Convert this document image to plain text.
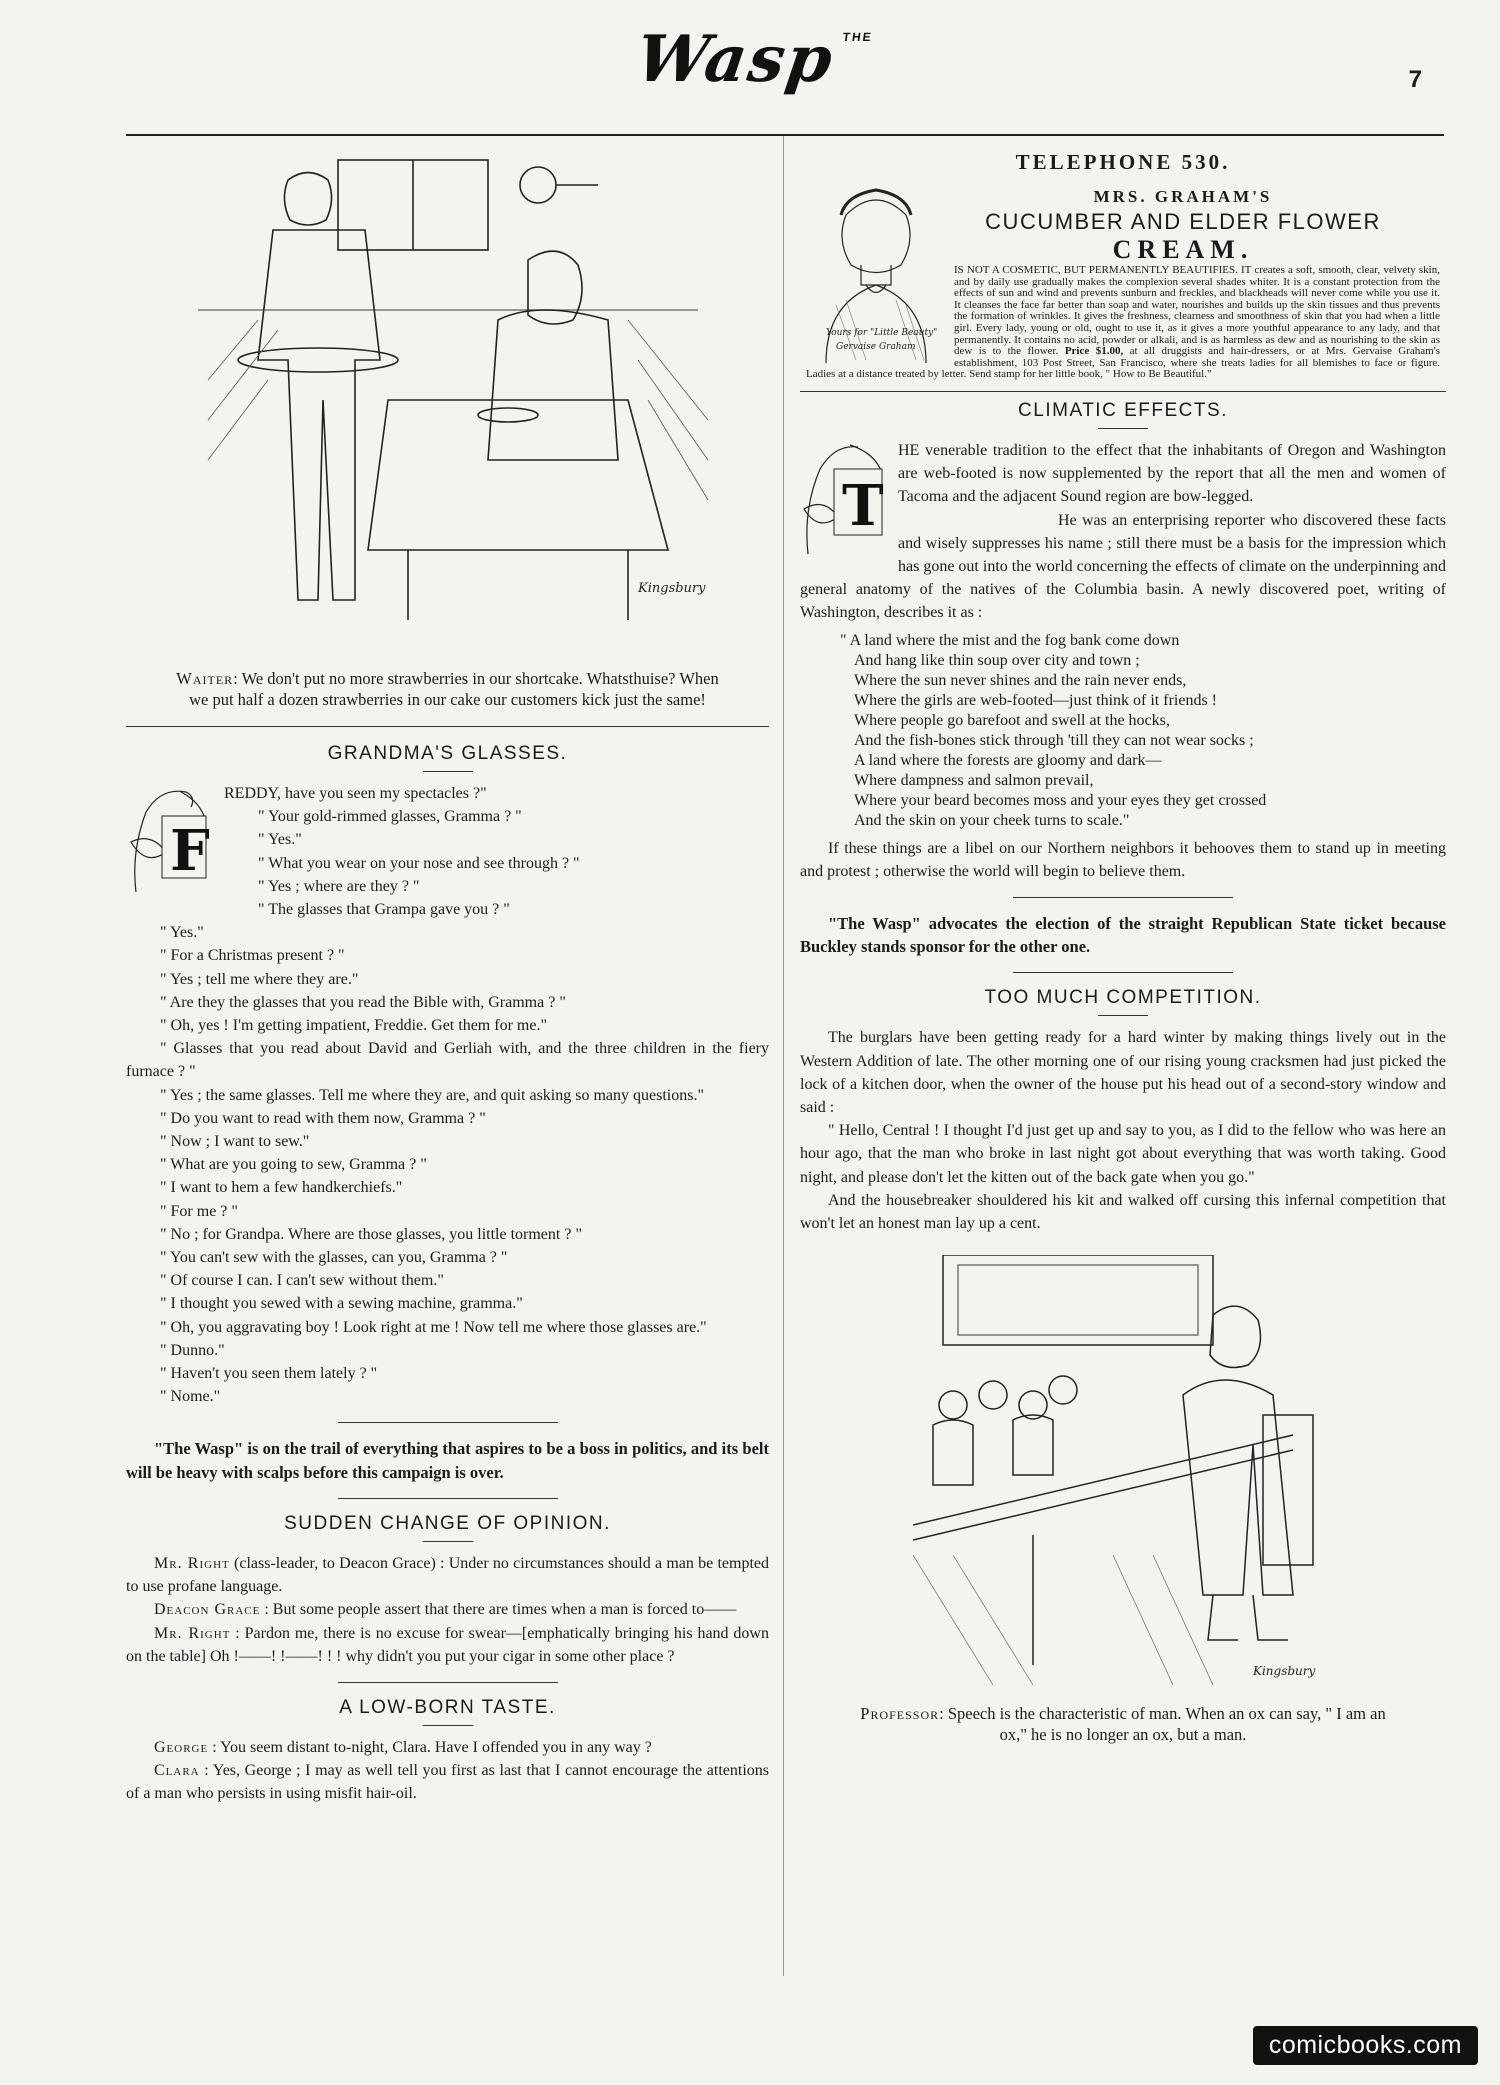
Wasp $^{THE}$
7
Kingsbury
Waiter: We don't put no more strawberries in our shortcake. Whatsthuise? When we put half a dozen strawberries in our cake our customers kick just the same!
GRANDMA'S GLASSES.
F

REDDY, have you seen my spectacles ?"

" Your gold-rimmed glasses, Gramma ? "

" Yes."

" What you wear on your nose and see through ? "

" Yes ; where are they ? "

" The glasses that Grampa gave you ? "

" Yes."

" For a Christmas present ? "

" Yes ; tell me where they are."

" Are they the glasses that you read the Bible with, Gramma ? "

" Oh, yes ! I'm getting impatient, Freddie. Get them for me."

" Glasses that you read about David and Gerliah with, and the three children in the fiery furnace ? "

" Yes ; the same glasses. Tell me where they are, and quit asking so many questions."

" Do you want to read with them now, Gramma ? "

" Now ; I want to sew."

" What are you going to sew, Gramma ? "

" I want to hem a few handkerchiefs."

" For me ? "

" No ; for Grandpa. Where are those glasses, you little torment ? "

" You can't sew with the glasses, can you, Gramma ? "

" Of course I can. I can't sew without them."

" I thought you sewed with a sewing machine, gramma."

" Oh, you aggravating boy ! Look right at me ! Now tell me where those glasses are."

" Dunno."

" Haven't you seen them lately ? "

" Nome."

"The Wasp" is on the trail of everything that aspires to be a boss in politics, and its belt will be heavy with scalps before this campaign is over.

SUDDEN CHANGE OF OPINION.

Mr. Right (class-leader, to Deacon Grace) : Under no circumstances should a man be tempted to use profane language.

Deacon Grace : But some people assert that there are times when a man is forced to——

Mr. Right : Pardon me, there is no excuse for swear—[emphatically bringing his hand down on the table] Oh !——! !——! ! ! why didn't you put your cigar in some other place ?

A LOW-BORN TASTE.

George : You seem distant to-night, Clara. Have I offended you in any way ?

Clara : Yes, George ; I may as well tell you first as last that I cannot encourage the attentions of a man who persists in using misfit hair-oil.

TELEPHONE 530.
MRS. GRAHAM'S
CUCUMBER AND ELDER FLOWER
CREAM.
Yours for "Little Beauty"
Gervaise Graham

IS NOT A COSMETIC, BUT PERMANENTLY BEAUTIFIES. IT creates a soft, smooth, clear, velvety skin, and by daily use gradually makes the complexion several shades whiter. It is a constant protection from the effects of sun and wind and prevents sunburn and freckles, and blackheads will never come while you use it. It cleanses the face far better than soap and water, nourishes and builds up the skin tissues and thus prevents the formation of wrinkles. It gives the freshness, clearness and smoothness of skin that you had when a little girl. Every lady, young or old, ought to use it, as it gives a more youthful appearance to any lady, and that permanently. It contains no acid, powder or alkali, and is as harmless as dew and as nourishing to the skin as dew is to the flower. Price $1.00, at all druggists and hair-dressers, or at Mrs. Gervaise Graham's establishment, 103 Post Street, San Francisco, where she treats ladies for all blemishes to face or figure. Ladies at a distance treated by letter. Send stamp for her little book, " How to Be Beautiful."

CLIMATIC EFFECTS.
T

HE venerable tradition to the effect that the inhabitants of Oregon and Washington are web-footed is now supplemented by the report that all the men and women of Tacoma and the adjacent Sound region are bow-legged.

He was an enterprising reporter who discovered these facts and wisely suppresses his name ; still there must be a basis for the impression which has gone out into the world concerning the effects of climate on the underpinning and general anatomy of the natives of the Columbia basin. A newly discovered poet, writing of Washington, describes it as :

" A land where the mist and the fog bank come down

And hang like thin soup over city and town ;

Where the sun never shines and the rain never ends,

Where the girls are web-footed—just think of it friends !

Where people go barefoot and swell at the hocks,

And the fish-bones stick through 'till they can not wear socks ;

A land where the forests are gloomy and dark—

Where dampness and salmon prevail,

Where your beard becomes moss and your eyes they get crossed

And the skin on your cheek turns to scale."

If these things are a libel on our Northern neighbors it behooves them to stand up in meeting and protest ; otherwise the world will begin to believe them.

"The Wasp" advocates the election of the straight Republican State ticket because Buckley stands sponsor for the other one.

TOO MUCH COMPETITION.

The burglars have been getting ready for a hard winter by making things lively out in the Western Addition of late. The other morning one of our rising young cracksmen had just picked the lock of a kitchen door, when the owner of the house put his head out of a second-story window and said :

" Hello, Central ! I thought I'd just get up and say to you, as I did to the fellow who was here an hour ago, that the man who broke in last night got about everything that was worth taking. Good night, and please don't let the kitten out of the back gate when you go."

And the housebreaker shouldered his kit and walked off cursing this infernal competition that won't let an honest man lay up a cent.

Kingsbury
Professor: Speech is the characteristic of man. When an ox can say, " I am an ox," he is no longer an ox, but a man.
comicbooks.com
